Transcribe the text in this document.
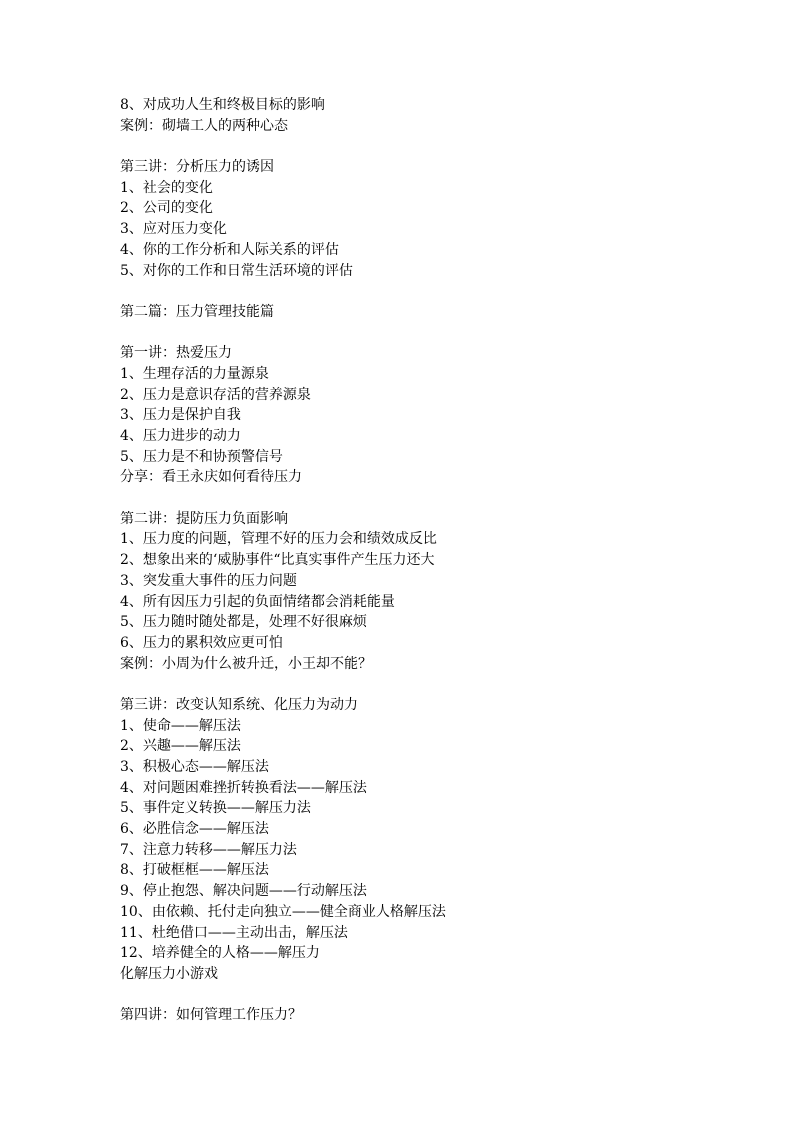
8、对成功人生和终极目标的影响
案例：砌墙工人的两种心态
第三讲：分析压力的诱因
1、社会的变化
2、公司的变化
3、应对压力变化
4、你的工作分析和人际关系的评估
5、对你的工作和日常生活环境的评估
第二篇：压力管理技能篇
第一讲：热爱压力
1、生理存活的力量源泉
2、压力是意识存活的营养源泉
3、压力是保护自我
4、压力进步的动力
5、压力是不和协预警信号
分享：看王永庆如何看待压力
第二讲：提防压力负面影响
1、压力度的问题，管理不好的压力会和绩效成反比
2、想象出来的‘威胁事件“比真实事件产生压力还大
3、突发重大事件的压力问题
4、所有因压力引起的负面情绪都会消耗能量
5、压力随时随处都是，处理不好很麻烦
6、压力的累积效应更可怕
案例：小周为什么被升迁，小王却不能？
第三讲：改变认知系统、化压力为动力
1、使命——解压法
2、兴趣——解压法
3、积极心态——解压法
4、对问题困难挫折转换看法——解压法
5、事件定义转换——解压力法
6、必胜信念——解压法
7、注意力转移——解压力法
8、打破框框——解压法
9、停止抱怨、解决问题——行动解压法
10、由依赖、托付走向独立——健全商业人格解压法
11、杜绝借口——主动出击，解压法
12、培养健全的人格——解压力
化解压力小游戏
第四讲：如何管理工作压力？
